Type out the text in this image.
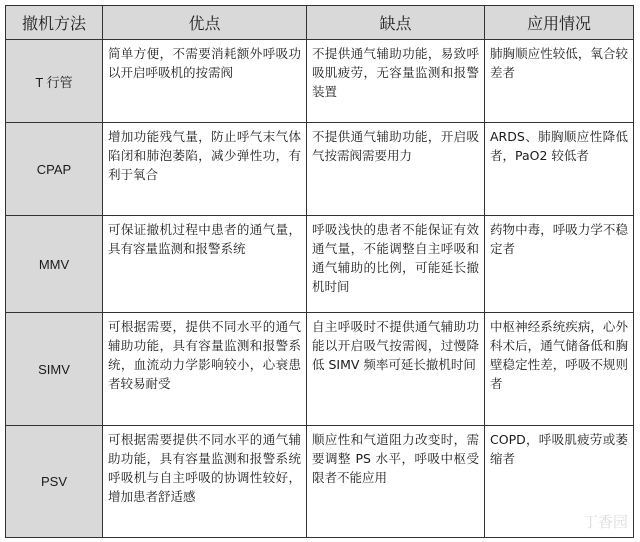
撤机方法	优点	缺点	应用情况
T 行管	简单方便，不需要消耗额外呼吸功以开启呼吸机的按需阀	不提供通气辅助功能，易致呼吸肌疲劳，无容量监测和报警装置	肺胸顺应性较低，氧合较差者
CPAP	增加功能残气量，防止呼气末气体陷闭和肺泡萎陷，减少弹性功，有利于氧合	不提供通气辅助功能，开启吸气按需阀需要用力	ARDS、肺胸顺应性降低者，PaO2 较低者
MMV	可保证撤机过程中患者的通气量，具有容量监测和报警系统	呼吸浅快的患者不能保证有效通气量，不能调整自主呼吸和通气辅助的比例，可能延长撤机时间	药物中毒，呼吸力学不稳定者
SIMV	可根据需要，提供不同水平的通气辅助功能，具有容量监测和报警系统，血流动力学影响较小，心衰患者较易耐受	自主呼吸时不提供通气辅助功能以开启吸气按需阀，过慢降低 SIMV 频率可延长撤机时间	中枢神经系统疾病，心外科术后，通气储备低和胸壁稳定性差，呼吸不规则者
PSV	可根据需要提供不同水平的通气辅助功能，具有容量监测和报警系统呼吸机与自主呼吸的协调性较好，增加患者舒适感	顺应性和气道阻力改变时，需要调整 PS 水平，呼吸中枢受限者不能应用	COPD，呼吸肌疲劳或萎缩者
丁香园
